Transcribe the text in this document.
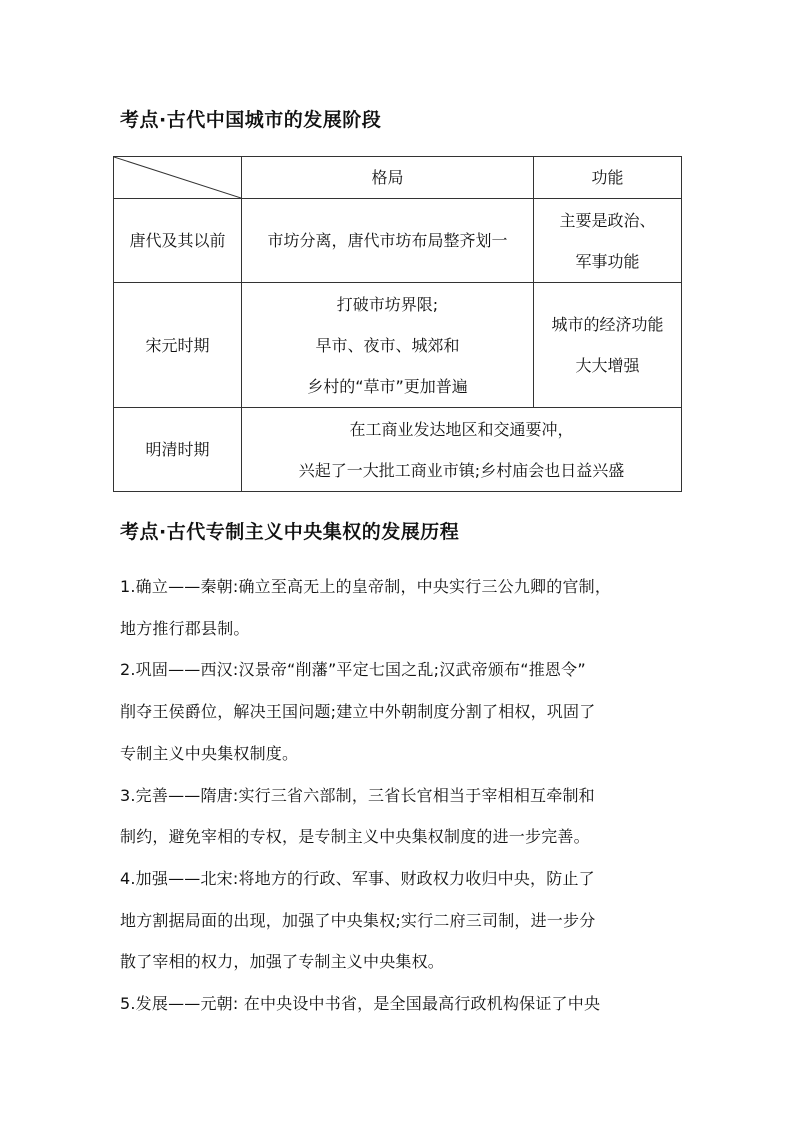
考点·古代中国城市的发展阶段
	格局	功能
唐代及其以前	市坊分离，唐代市坊布局整齐划一	主要是政治、
军事功能

宋元时期	打破市坊界限;
早市、夜市、城郊和
乡村的“草市”更加普遍	城市的经济功能
大大增强

明清时期	在工商业发达地区和交通要冲，
兴起了一大批工商业市镇;乡村庙会也日益兴盛	
考点·古代专制主义中央集权的发展历程

1.确立——秦朝:确立至高无上的皇帝制，中央实行三公九卿的官制，
地方推行郡县制。

2.巩固——西汉:汉景帝“削藩”平定七国之乱;汉武帝颁布“推恩令”
削夺王侯爵位，解决王国问题;建立中外朝制度分割了相权，巩固了
专制主义中央集权制度。

3.完善——隋唐:实行三省六部制，三省长官相当于宰相相互牵制和
制约，避免宰相的专权，是专制主义中央集权制度的进一步完善。

4.加强——北宋:将地方的行政、军事、财政权力收归中央，防止了
地方割据局面的出现，加强了中央集权;实行二府三司制，进一步分
散了宰相的权力，加强了专制主义中央集权。

5.发展——元朝: 在中央设中书省，是全国最高行政机构保证了中央
